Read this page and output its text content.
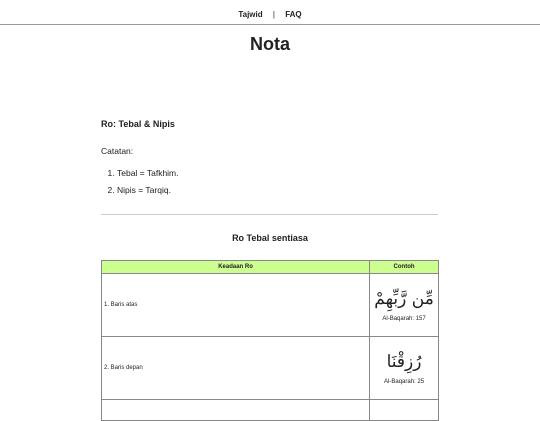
Tajwid | FAQ
Nota
Ro: Tebal & Nipis
Catatan:
1. Tebal = Tafkhim.
2. Nipis = Tarqiq.
Ro Tebal sentiasa
Keadaan Ro	Contoh
1. Baris atas	مِّن رَّبِّهِمْ
Al-Baqarah: 157

2. Baris depan	رُزِقْنَا
Al-Baqarah: 25
